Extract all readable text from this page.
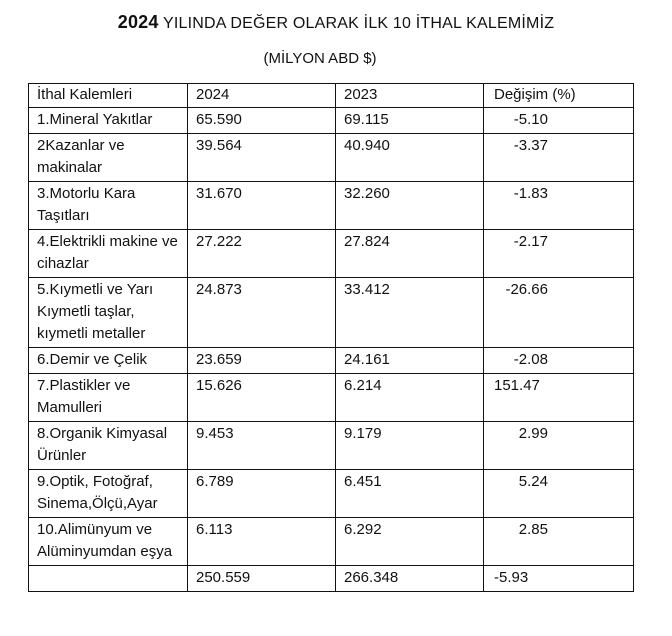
2024 YILINDA DEĞER OLARAK İLK 10 İTHAL KALEMİMİZ
(MİLYON ABD $)
İthal Kalemleri	2024	2023	Değişim (%)
1.Mineral Yakıtlar	65.590	69.115	-5.10
2Kazanlar ve makinalar	39.564	40.940	-3.37
3.Motorlu Kara Taşıtları	31.670	32.260	-1.83
4.Elektrikli makine ve cihazlar	27.222	27.824	-2.17
5.Kıymetli ve Yarı Kıymetli taşlar, kıymetli metaller	24.873	33.412	-26.66
6.Demir ve Çelik	23.659	24.161	-2.08
7.Plastikler ve Mamulleri	15.626	6.214	151.47
8.Organik Kimyasal Ürünler	9.453	9.179	2.99
9.Optik, Fotoğraf, Sinema,Ölçü,Ayar	6.789	6.451	5.24
10.Alimünyum ve Alüminyumdan eşya	6.113	6.292	2.85
	250.559	266.348	-5.93
